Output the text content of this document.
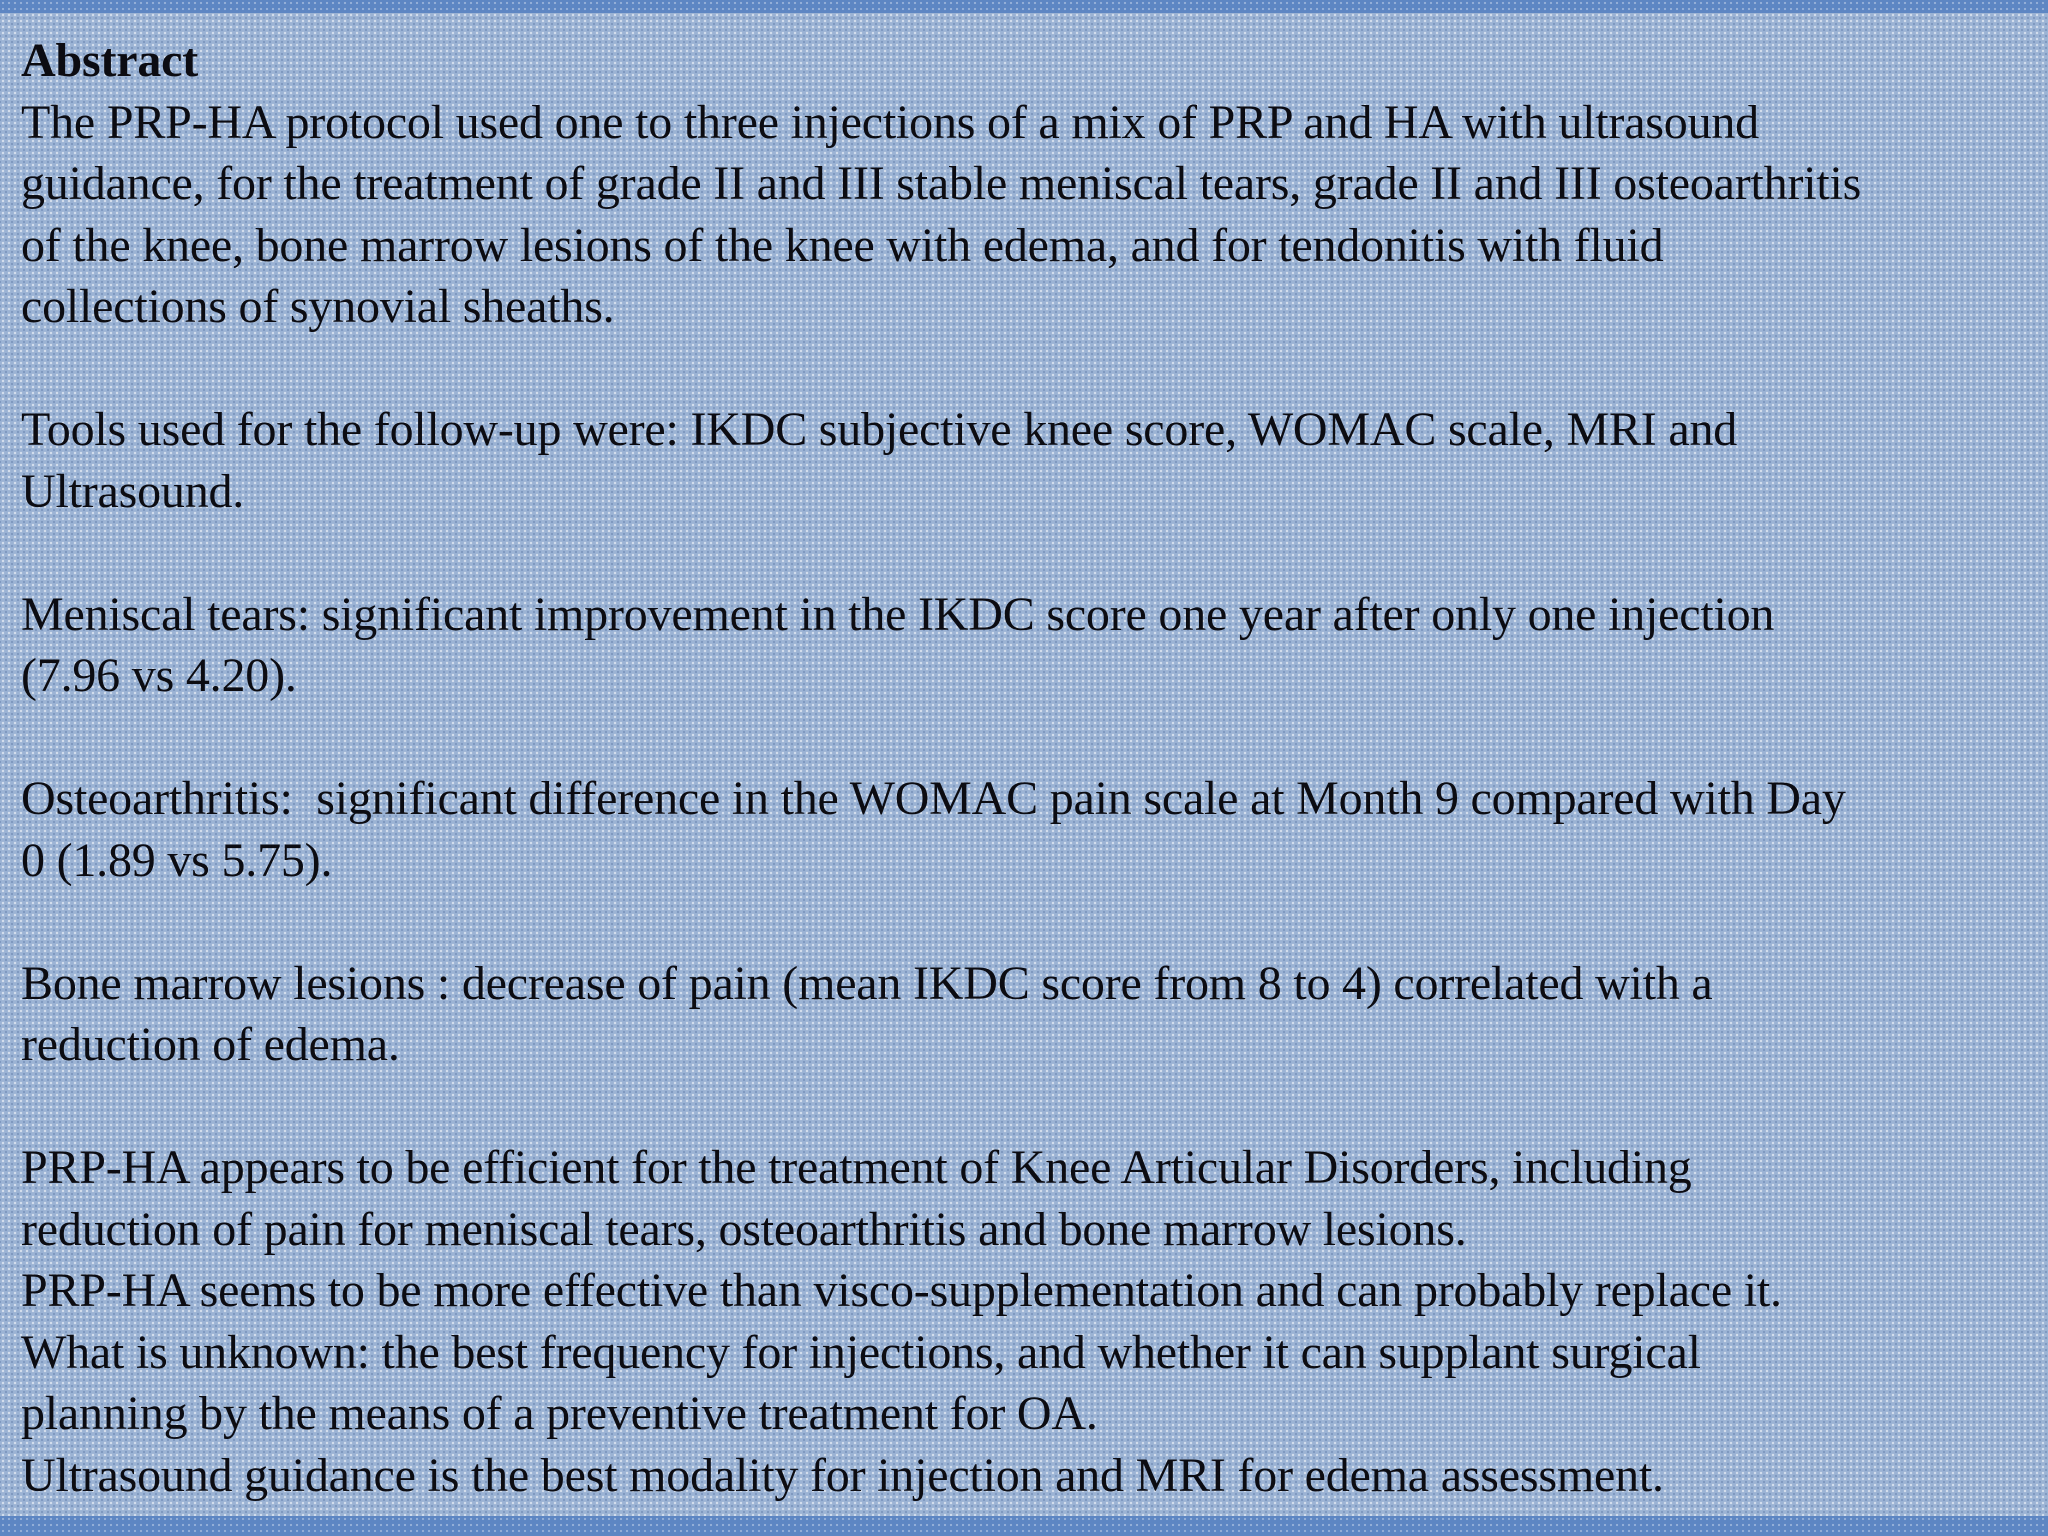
Abstract
The PRP-HA protocol used one to three injections of a mix of PRP and HA with ultrasound
guidance, for the treatment of grade II and III stable meniscal tears, grade II and III osteoarthritis
of the knee, bone marrow lesions of the knee with edema, and for tendonitis with fluid
collections of synovial sheaths.
Tools used for the follow-up were: IKDC subjective knee score, WOMAC scale, MRI and
Ultrasound.
Meniscal tears: significant improvement in the IKDC score one year after only one injection
(7.96 vs 4.20).
Osteoarthritis:  significant difference in the WOMAC pain scale at Month 9 compared with Day
0 (1.89 vs 5.75).
Bone marrow lesions : decrease of pain (mean IKDC score from 8 to 4) correlated with a
reduction of edema.
PRP-HA appears to be efficient for the treatment of Knee Articular Disorders, including
reduction of pain for meniscal tears, osteoarthritis and bone marrow lesions.
PRP-HA seems to be more effective than visco-supplementation and can probably replace it.
What is unknown: the best frequency for injections, and whether it can supplant surgical
planning by the means of a preventive treatment for OA.
Ultrasound guidance is the best modality for injection and MRI for edema assessment.
